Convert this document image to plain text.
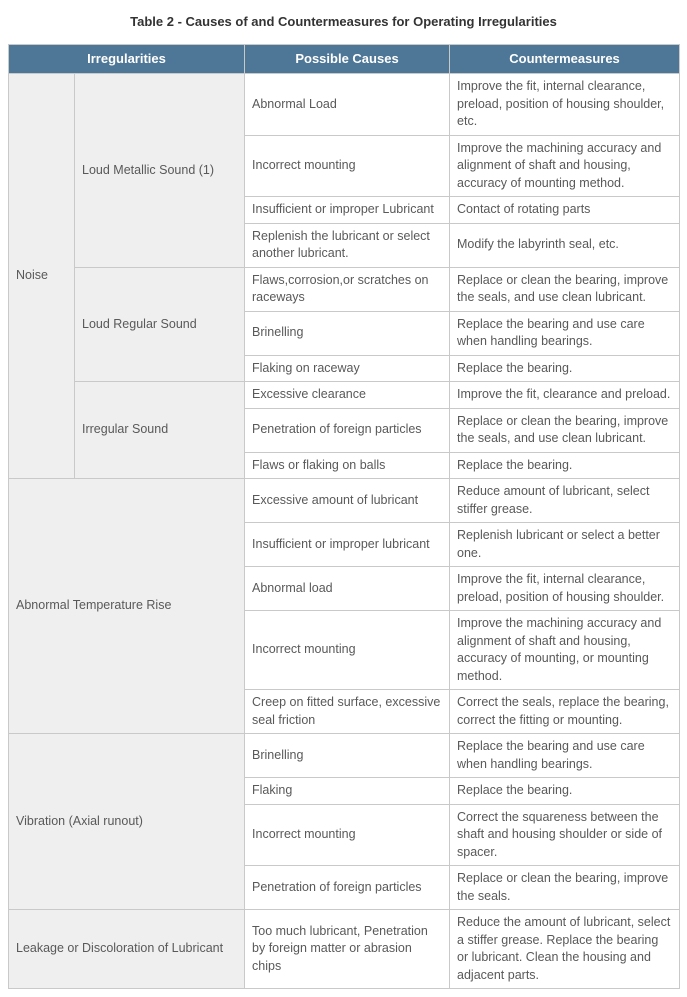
Table 2 - Causes of and Countermeasures for Operating Irregularities
Irregularities		Possible Causes	Countermeasures
Noise	Loud Metallic Sound (1)	Abnormal Load	Improve the fit, internal clearance, preload, position of housing shoulder, etc.
		Incorrect mounting	Improve the machining accuracy and alignment of shaft and housing, accuracy of mounting method.
		Insufficient or improper Lubricant	Contact of rotating parts
		Replenish the lubricant or select another lubricant.	Modify the labyrinth seal, etc.
	Loud Regular Sound	Flaws,corrosion,or scratches on raceways	Replace or clean the bearing, improve the seals, and use clean lubricant.
		Brinelling	Replace the bearing and use care when handling bearings.
		Flaking on raceway	Replace the bearing.
	Irregular Sound	Excessive clearance	Improve the fit, clearance and preload.
		Penetration of foreign particles	Replace or clean the bearing, improve the seals, and use clean lubricant.
		Flaws or flaking on balls	Replace the bearing.
Abnormal Temperature Rise		Excessive amount of lubricant	Reduce amount of lubricant, select stiffer grease.
		Insufficient or improper lubricant	Replenish lubricant or select a better one.
		Abnormal load	Improve the fit, internal clearance, preload, position of housing shoulder.
		Incorrect mounting	Improve the machining accuracy and alignment of shaft and housing, accuracy of mounting, or mounting method.
		Creep on fitted surface, excessive seal friction	Correct the seals, replace the bearing, correct the fitting or mounting.
Vibration (Axial runout)		Brinelling	Replace the bearing and use care when handling bearings.
		Flaking	Replace the bearing.
		Incorrect mounting	Correct the squareness between the shaft and housing shoulder or side of spacer.
		Penetration of foreign particles	Replace or clean the bearing, improve the seals.
Leakage or Discoloration of Lubricant		Too much lubricant, Penetration by foreign matter or abrasion chips	Reduce the amount of lubricant, select a stiffer grease. Replace the bearing or lubricant. Clean the housing and adjacent parts.
